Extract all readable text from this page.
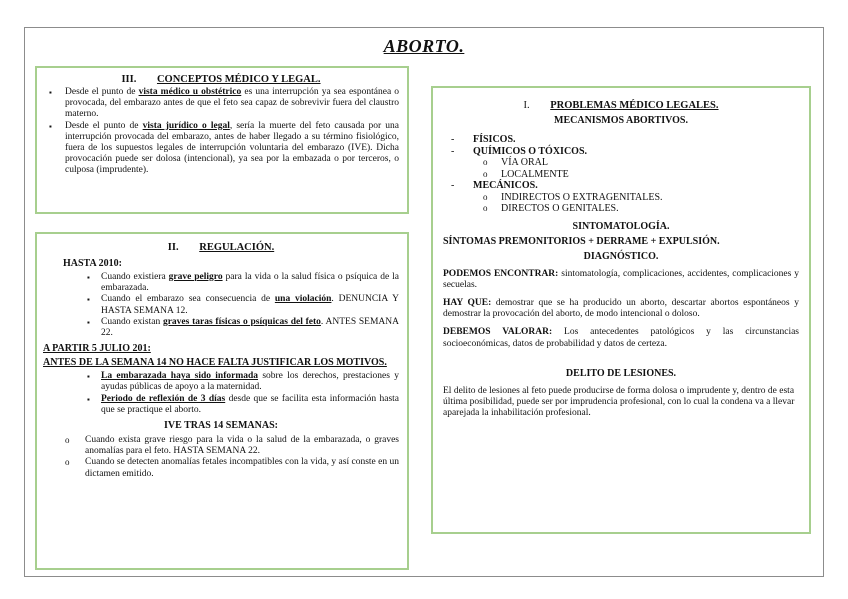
ABORTO.
III. CONCEPTOS MÉDICO Y LEGAL.
▪ Desde el punto de vista médico u obstétrico es una interrupción ya sea espontánea o provocada, del embarazo antes de que el feto sea capaz de sobrevivir fuera del claustro materno.
▪ Desde el punto de vista jurídico o legal, sería la muerte del feto causada por una interrupción provocada del embarazo, antes de haber llegado a su término fisiológico, fuera de los supuestos legales de interrupción voluntaria del embarazo (IVE). Dicha provocación puede ser dolosa (intencional), ya sea por la embazada o por terceros, o culposa (imprudente).
II. REGULACIÓN.
HASTA 2010:
▪ Cuando existiera grave peligro para la vida o la salud física o psíquica de la embarazada.
▪ Cuando el embarazo sea consecuencia de una violación. DENUNCIA Y HASTA SEMANA 12.
▪ Cuando existan graves taras físicas o psíquicas del feto. ANTES SEMANA 22.
A PARTIR 5 JULIO 201:
ANTES DE LA SEMANA 14 NO HACE FALTA JUSTIFICAR LOS MOTIVOS.
▪ La embarazada haya sido informada sobre los derechos, prestaciones y ayudas públicas de apoyo a la maternidad.
▪ Periodo de reflexión de 3 días desde que se facilita esta información hasta que se practique el aborto.
IVE TRAS 14 SEMANAS:
o Cuando exista grave riesgo para la vida o la salud de la embarazada, o graves anomalías para el feto. HASTA SEMANA 22.
o Cuando se detecten anomalías fetales incompatibles con la vida, y así conste en un dictamen emitido.
I. PROBLEMAS MÉDICO LEGALES.
MECANISMOS ABORTIVOS.
- FÍSICOS.
- QUÍMICOS O TÓXICOS.
o VÍA ORAL
o LOCALMENTE
- MECÁNICOS.
o INDIRECTOS O EXTRAGENITALES.
o DIRECTOS O GENITALES.
SINTOMATOLOGÍA.
SÍNTOMAS PREMONITORIOS + DERRAME + EXPULSIÓN.
DIAGNÓSTICO.

PODEMOS ENCONTRAR: sintomatología, complicaciones, accidentes, complicaciones y secuelas.

HAY QUE: demostrar que se ha producido un aborto, descartar abortos espontáneos y demostrar la provocación del aborto, de modo intencional o doloso.

DEBEMOS VALORAR: Los antecedentes patológicos y las circunstancias socioeconómicas, datos de probabilidad y datos de certeza.

DELITO DE LESIONES.

El delito de lesiones al feto puede producirse de forma dolosa o imprudente y, dentro de esta última posibilidad, puede ser por imprudencia profesional, con lo cual la condena va a llevar aparejada la inhabilitación profesional.
